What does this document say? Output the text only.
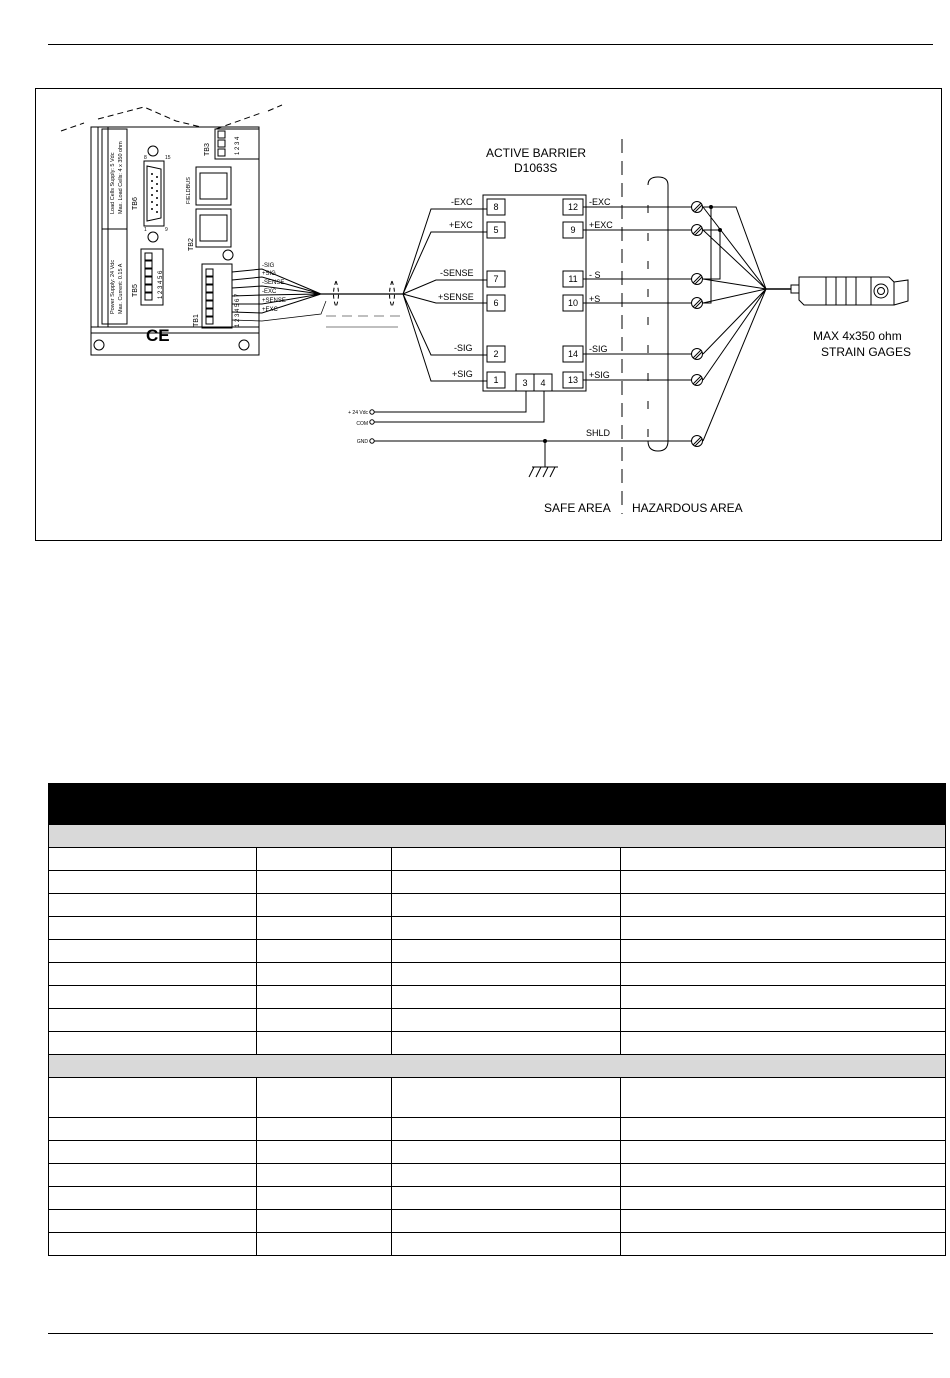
Load Cells Supply: 5 Vdc Max. Load Cells: 4 x 350 ohm
Power Supply: 24 Vdc Max. Current: 0.15 A
CE
TB6
8	15
1	9
TB3	1 2 3 4
FIELDBUS
TB2
TB5	1 2 3 4 5 6
TB1	1 2 3 4 5 6 7
-SIG
+SIG
-SENSE
-EXC
+SENSE
+EXC
ACTIVE BARRIER
D1063S
8
5
7
6
2
1
-EXC
+EXC
-SENSE
+SENSE
-SIG
+SIG
12
9
11
10
14
13
-EXC
+EXC
- S
+S
-SIG
+SIG
3 4
+ 24 Vdc
COM
GND
SHLD
SAFE AREA HAZARDOUS AREA
MAX 4x350 ohm
STRAIN GAGES
